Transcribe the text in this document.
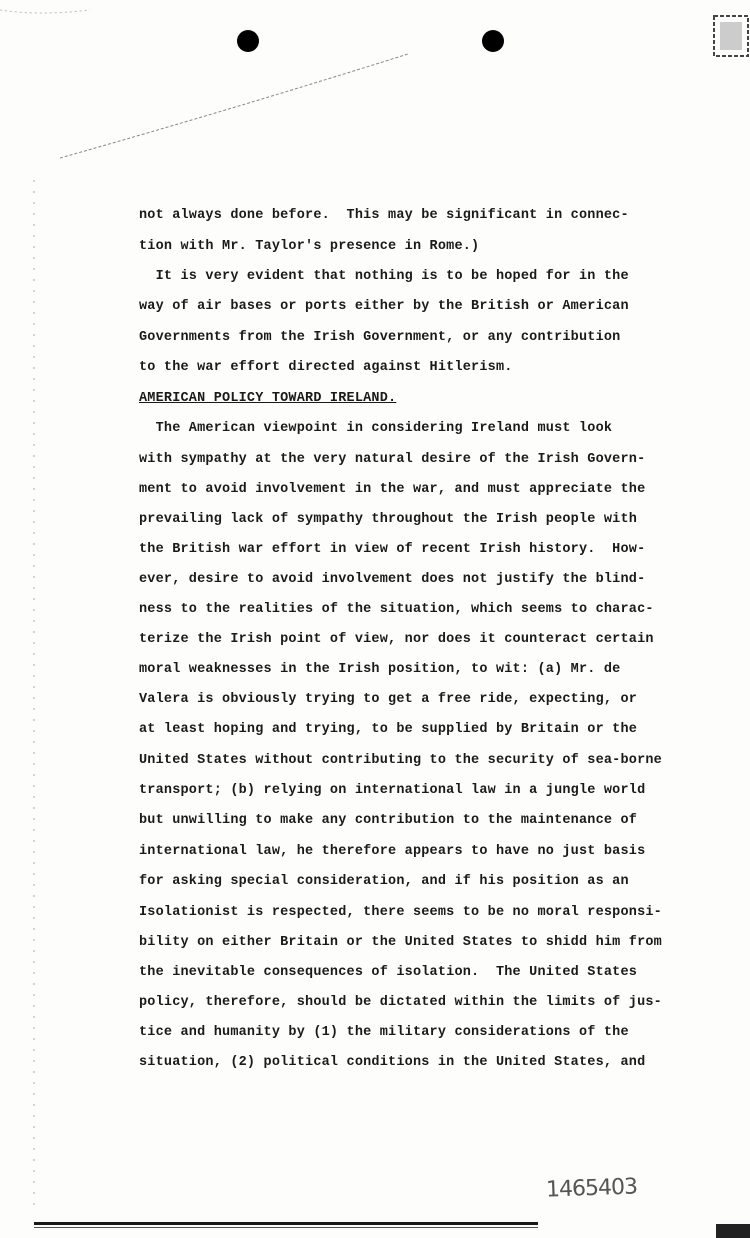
not always done before.  This may be significant in connec-
tion with Mr. Taylor's presence in Rome.)
It is very evident that nothing is to be hoped for in the
way of air bases or ports either by the British or American
Governments from the Irish Government, or any contribution
to the war effort directed against Hitlerism.
AMERICAN POLICY TOWARD IRELAND.
The American viewpoint in considering Ireland must look
with sympathy at the very natural desire of the Irish Govern-
ment to avoid involvement in the war, and must appreciate the
prevailing lack of sympathy throughout the Irish people with
the British war effort in view of recent Irish history.  How-
ever, desire to avoid involvement does not justify the blind-
ness to the realities of the situation, which seems to charac-
terize the Irish point of view, nor does it counteract certain
moral weaknesses in the Irish position, to wit: (a) Mr. de
Valera is obviously trying to get a free ride, expecting, or
at least hoping and trying, to be supplied by Britain or the
United States without contributing to the security of sea-borne
transport; (b) relying on international law in a jungle world
but unwilling to make any contribution to the maintenance of
international law, he therefore appears to have no just basis
for asking special consideration, and if his position as an
Isolationist is respected, there seems to be no moral responsi-
bility on either Britain or the United States to shidd him from
the inevitable consequences of isolation.  The United States
policy, therefore, should be dictated within the limits of jus-
tice and humanity by (1) the military considerations of the
situation, (2) political conditions in the United States, and
1465403
